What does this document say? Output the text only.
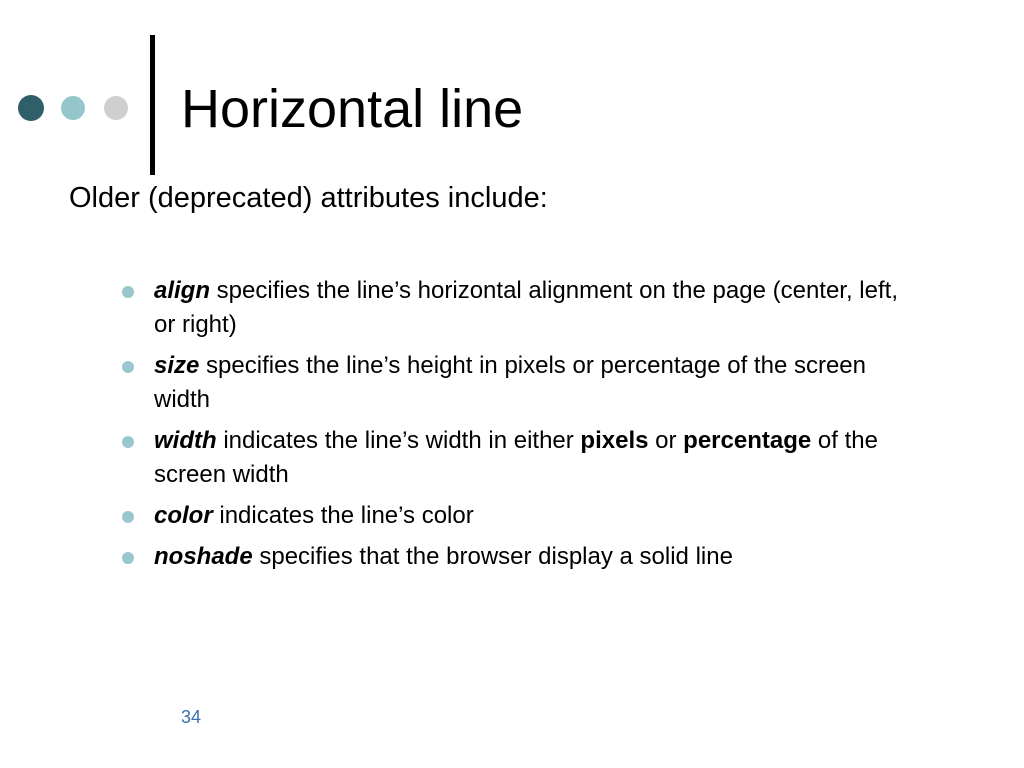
Horizontal line

Older (deprecated) attributes include:

align specifies the line’s horizontal alignment on the page (center, left, or right)
size specifies the line’s height in pixels or percentage of the screen width
width indicates the line’s width in either pixels or percentage of the screen width
color indicates the line’s color
noshade specifies that the browser display a solid line
34
